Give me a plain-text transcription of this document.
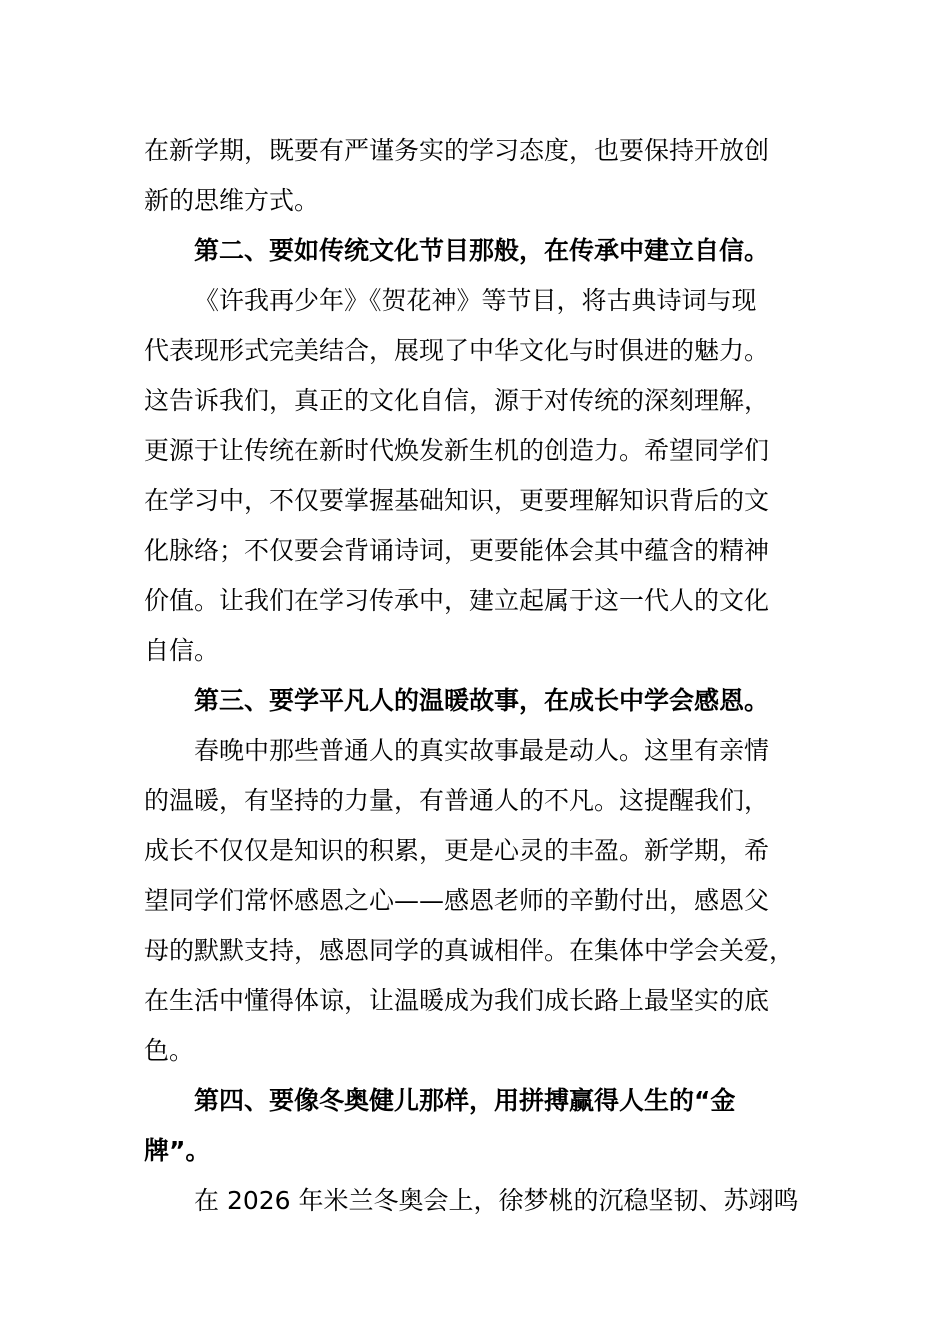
在新学期，既要有严谨务实的学习态度，也要保持开放创
新的思维方式。
第二、要如传统文化节目那般，在传承中建立自信。
《许我再少年》《贺花神》等节目，将古典诗词与现
代表现形式完美结合，展现了中华文化与时俱进的魅力。
这告诉我们，真正的文化自信，源于对传统的深刻理解，
更源于让传统在新时代焕发新生机的创造力。希望同学们
在学习中，不仅要掌握基础知识，更要理解知识背后的文
化脉络；不仅要会背诵诗词，更要能体会其中蕴含的精神
价值。让我们在学习传承中，建立起属于这一代人的文化
自信。
第三、要学平凡人的温暖故事，在成长中学会感恩。
春晚中那些普通人的真实故事最是动人。这里有亲情
的温暖，有坚持的力量，有普通人的不凡。这提醒我们，
成长不仅仅是知识的积累，更是心灵的丰盈。新学期，希
望同学们常怀感恩之心——感恩老师的辛勤付出，感恩父
母的默默支持，感恩同学的真诚相伴。在集体中学会关爱，
在生活中懂得体谅，让温暖成为我们成长路上最坚实的底
色。
第四、要像冬奥健儿那样，用拼搏赢得人生的“金
牌”。
在 2026 年米兰冬奥会上，徐梦桃的沉稳坚韧、苏翊鸣
